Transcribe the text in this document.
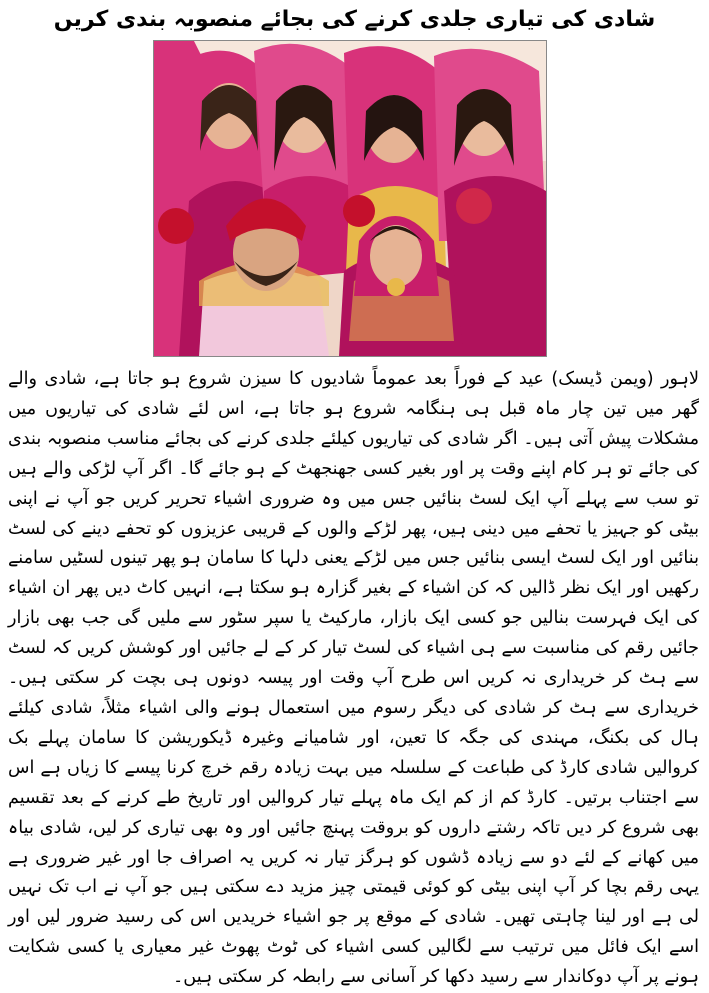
شادی کی تیاری جلدی کرنے کی بجائے منصوبہ بندی کریں

لاہور (ویمن ڈیسک) عید کے فوراً بعد عموماً شادیوں کا سیزن شروع ہو جاتا ہے، شادی والے گھر میں تین چار ماہ قبل ہی ہنگامہ شروع ہو جاتا ہے، اس لئے شادی کی تیاریوں میں مشکلات پیش آتی ہیں۔ اگر شادی کی تیاریوں کیلئے جلدی کرنے کی بجائے مناسب منصوبہ بندی کی جائے تو ہر کام اپنے وقت پر اور بغیر کسی جھنجھٹ کے ہو جائے گا۔ اگر آپ لڑکی والے ہیں تو سب سے پہلے آپ ایک لسٹ بنائیں جس میں وہ ضروری اشیاء تحریر کریں جو آپ نے اپنی بیٹی کو جہیز یا تحفے میں دینی ہیں، پھر لڑکے والوں کے قریبی عزیزوں کو تحفے دینے کی لسٹ بنائیں اور ایک لسٹ ایسی بنائیں جس میں لڑکے یعنی دلہا کا سامان ہو پھر تینوں لسٹیں سامنے رکھیں اور ایک نظر ڈالیں کہ کن اشیاء کے بغیر گزارہ ہو سکتا ہے، انہیں کاٹ دیں پھر ان اشیاء کی ایک فہرست بنالیں جو کسی ایک بازار، مارکیٹ یا سپر سٹور سے ملیں گی جب بھی بازار جائیں رقم کی مناسبت سے ہی اشیاء کی لسٹ تیار کر کے لے جائیں اور کوشش کریں کہ لسٹ سے ہٹ کر خریداری نہ کریں اس طرح آپ وقت اور پیسہ دونوں ہی بچت کر سکتی ہیں۔ خریداری سے ہٹ کر شادی کی دیگر رسوم میں استعمال ہونے والی اشیاء مثلاً، شادی کیلئے ہال کی بکنگ، مہندی کی جگہ کا تعین، اور شامیانے وغیرہ ڈیکوریشن کا سامان پہلے بک کروالیں شادی کارڈ کی طباعت کے سلسلہ میں بہت زیادہ رقم خرچ کرنا پیسے کا زیاں ہے اس سے اجتناب برتیں۔ کارڈ کم از کم ایک ماہ پہلے تیار کروالیں اور تاریخ طے کرنے کے بعد تقسیم بھی شروع کر دیں تاکہ رشتے داروں کو بروقت پہنچ جائیں اور وہ بھی تیاری کر لیں، شادی بیاہ میں کھانے کے لئے دو سے زیادہ ڈشوں کو ہرگز تیار نہ کریں یہ اصراف جا اور غیر ضروری ہے یہی رقم بچا کر آپ اپنی بیٹی کو کوئی قیمتی چیز مزید دے سکتی ہیں جو آپ نے اب تک نہیں لی ہے اور لینا چاہتی تھیں۔ شادی کے موقع پر جو اشیاء خریدیں اس کی رسید ضرور لیں اور اسے ایک فائل میں ترتیب سے لگالیں کسی اشیاء کی ٹوٹ پھوٹ غیر معیاری یا کسی شکایت ہونے پر آپ دوکاندار سے رسید دکھا کر آسانی سے رابطہ کر سکتی ہیں۔
